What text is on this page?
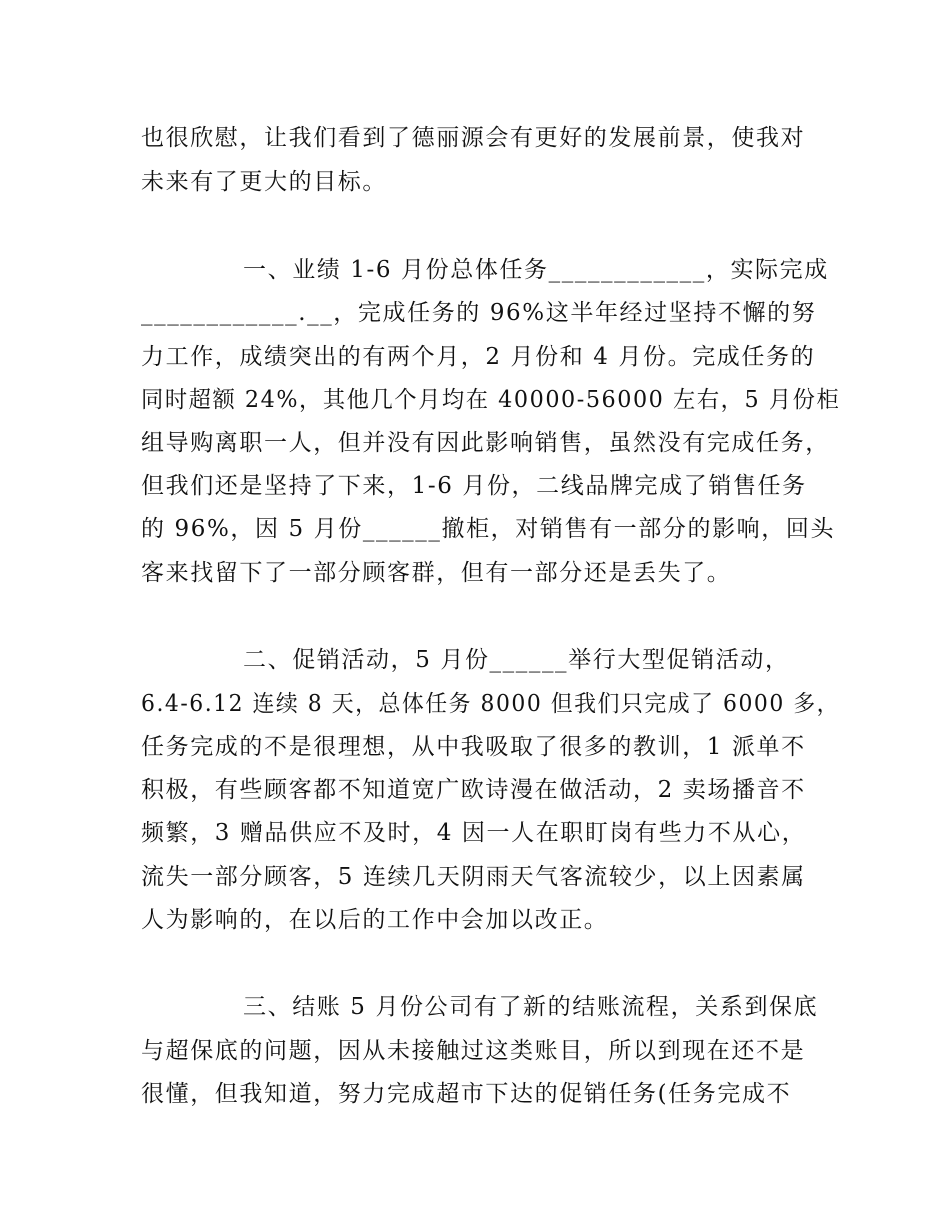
也很欣慰，让我们看到了德丽源会有更好的发展前景，使我对
未来有了更大的目标。
一、业绩 1-6 月份总体任务____________，实际完成
____________.__，完成任务的 96%这半年经过坚持不懈的努
力工作，成绩突出的有两个月，2 月份和 4 月份。完成任务的
同时超额 24%，其他几个月均在 40000-56000 左右，5 月份柜
组导购离职一人，但并没有因此影响销售，虽然没有完成任务，
但我们还是坚持了下来，1-6 月份，二线品牌完成了销售任务
的 96%，因 5 月份______撤柜，对销售有一部分的影响，回头
客来找留下了一部分顾客群，但有一部分还是丢失了。
二、促销活动，5 月份______举行大型促销活动，
6.4-6.12 连续 8 天，总体任务 8000 但我们只完成了 6000 多，
任务完成的不是很理想，从中我吸取了很多的教训，1 派单不
积极，有些顾客都不知道宽广欧诗漫在做活动，2 卖场播音不
频繁，3 赠品供应不及时，4 因一人在职盯岗有些力不从心，
流失一部分顾客，5 连续几天阴雨天气客流较少，以上因素属
人为影响的，在以后的工作中会加以改正。
三、结账 5 月份公司有了新的结账流程，关系到保底
与超保底的问题，因从未接触过这类账目，所以到现在还不是
很懂，但我知道，努力完成超市下达的促销任务(任务完成不
